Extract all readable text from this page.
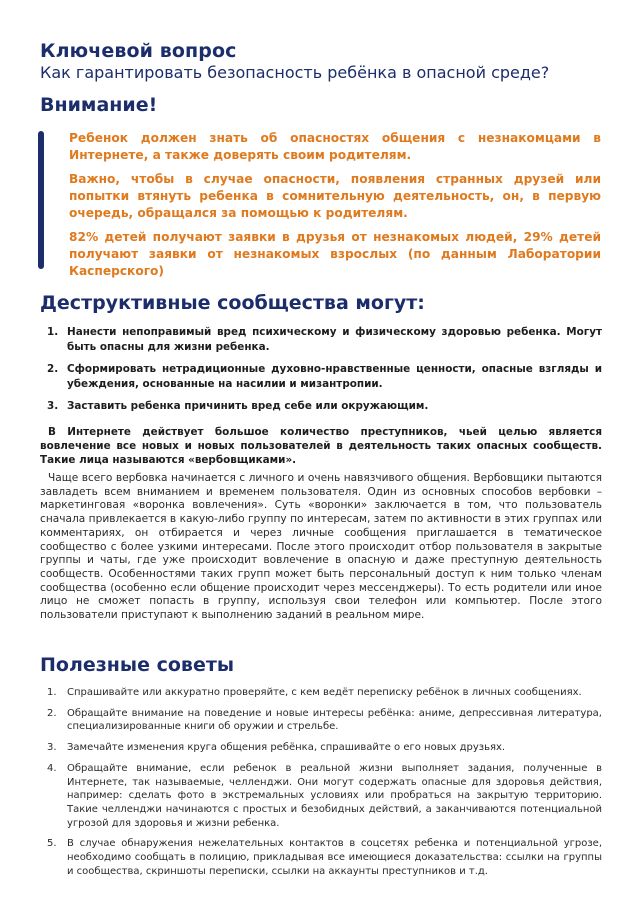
Ключевой вопрос
Как гарантировать безопасность ребёнка в опасной среде?
Внимание!

Ребенок должен знать об опасностях общения с незнакомцами в Интернете, а также доверять своим родителям.

Важно, чтобы в случае опасности, появления странных друзей или попытки втянуть ребенка в сомнительную деятельность, он, в первую очередь, обращался за помощью к родителям.

82% детей получают заявки в друзья от незнакомых людей, 29% детей получают заявки от незнакомых взрослых (по данным Лаборатории Касперского)

Деструктивные сообщества могут:
1. Нанести непоправимый вред психическому и физическому здоровью ребенка. Могут быть опасны для жизни ребенка.
2. Сформировать нетрадиционные духовно-нравственные ценности, опасные взгляды и убеждения, основанные на насилии и мизантропии.
3. Заставить ребенка причинить вред себе или окружающим.

В Интернете действует большое количество преступников, чьей целью является вовлечение все новых и новых пользователей в деятельность таких опасных сообществ. Такие лица называются «вербовщиками».

Чаще всего вербовка начинается с личного и очень навязчивого общения. Вербовщики пытаются завладеть всем вниманием и временем пользователя. Один из основных способов вербовки – маркетинговая «воронка вовлечения». Суть «воронки» заключается в том, что пользователь сначала привлекается в какую-либо группу по интересам, затем по активности в этих группах или комментариях, он отбирается и через личные сообщения приглашается в тематическое сообщество с более узкими интересами. После этого происходит отбор пользователя в закрытые группы и чаты, где уже происходит вовлечение в опасную и даже преступную деятельность сообществ. Особенностями таких групп может быть персональный доступ к ним только членам сообщества (особенно если общение происходит через мессенджеры). То есть родители или иное лицо не сможет попасть в группу, используя свои телефон или компьютер. После этого пользователи приступают к выполнению заданий в реальном мире.

Полезные советы
1.	Спрашивайте или аккуратно проверяйте, с кем ведёт переписку ребёнок в личных сообщениях.
2.	Обращайте внимание на поведение и новые интересы ребёнка: аниме, депрессивная литература, специализированные книги об оружии и стрельбе.
3.	Замечайте изменения круга общения ребёнка, спрашивайте о его новых друзьях.
4.	Обращайте внимание, если ребенок в реальной жизни выполняет задания, полученные в Интернете, так называемые, челленджи. Они могут содержать опасные для здоровья действия, например: сделать фото в экстремальных условиях или пробраться на закрытую территорию. Такие челленджи начинаются с простых и безобидных действий, а заканчиваются потенциальной угрозой для здоровья и жизни ребенка.
5.	В случае обнаружения нежелательных контактов в соцсетях ребенка и потенциальной угрозе, необходимо сообщать в полицию, прикладывая все имеющиеся доказательства: ссылки на группы и сообщества, скриншоты переписки, ссылки на аккаунты преступников и т.д.
